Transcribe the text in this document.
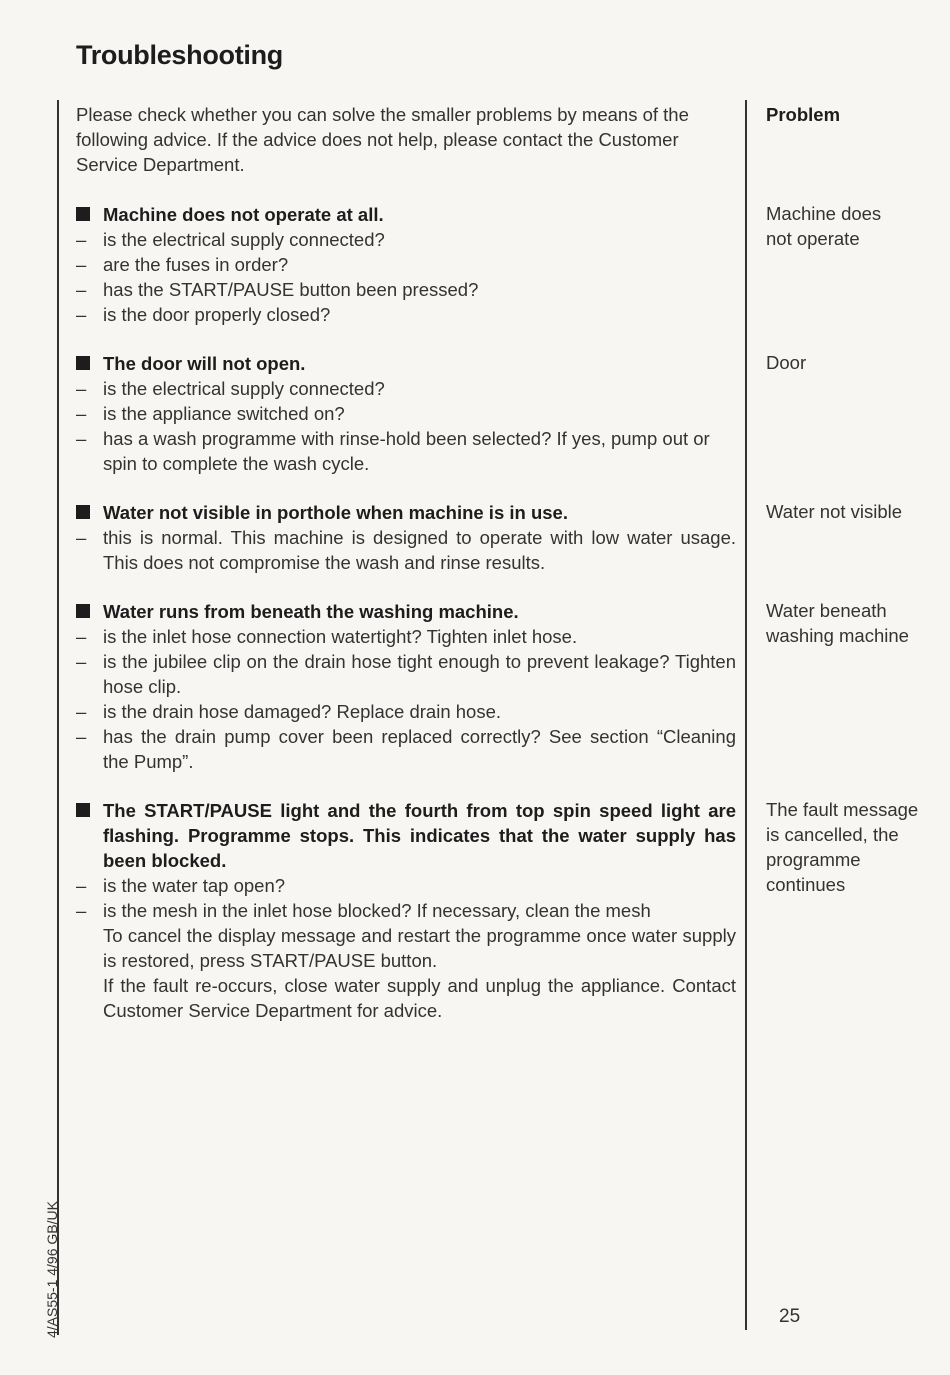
Troubleshooting
4/AS55-1 4/96 GB/UK

Please check whether you can solve the smaller problems by means of the following advice. If the advice does not help, please contact the Customer Service Department.

Machine does not operate at all.
– is the electrical supply connected?
– are the fuses in order?
– has the START/PAUSE button been pressed?
– is the door properly closed?
The door will not open.
– is the electrical supply connected?
– is the appliance switched on?
– has a wash programme with rinse-hold been selected? If yes, pump out or spin to complete the wash cycle.
Water not visible in porthole when machine is in use.
– this is normal. This machine is designed to operate with low water usage. This does not compromise the wash and rinse results.
Water runs from beneath the washing machine.
– is the inlet hose connection watertight? Tighten inlet hose.
– is the jubilee clip on the drain hose tight enough to prevent leakage? Tighten hose clip.
– is the drain hose damaged? Replace drain hose.
– has the drain pump cover been replaced correctly? See section “Cleaning the Pump”.
The START/PAUSE light and the fourth from top spin speed light are flashing. Programme stops. This indicates that the water supply has been blocked.
– is the water tap open?
– is the mesh in the inlet hose blocked? If necessary, clean the mesh
To cancel the display message and restart the programme once water supply is restored, press START/PAUSE button.
If the fault re-occurs, close water supply and unplug the appliance. Contact Customer Service Department for advice.
Problem
Machine does not operate
Door
Water not visible
Water beneath washing machine
The fault message is cancelled, the programme continues
25
